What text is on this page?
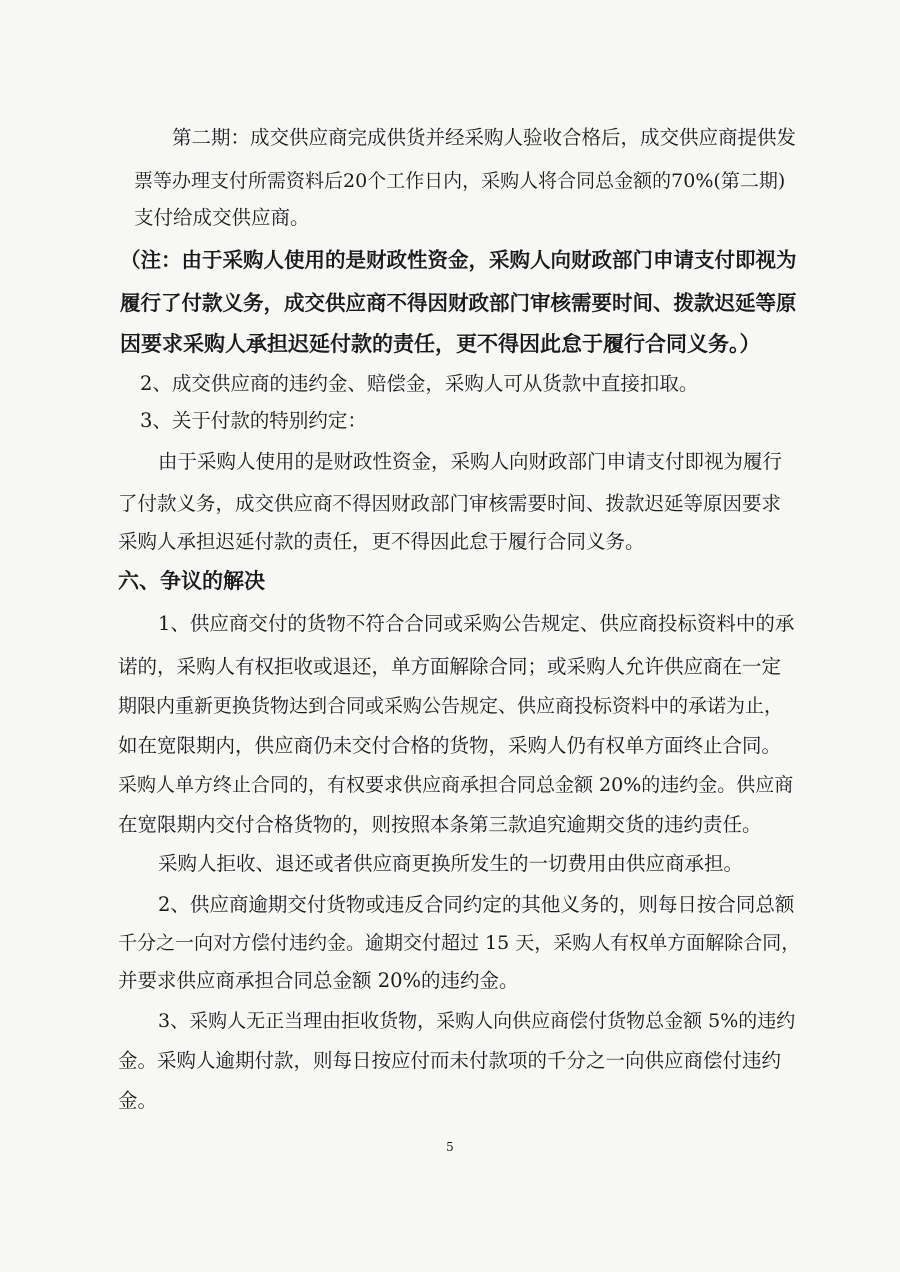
第二期：成交供应商完成供货并经采购人验收合格后，成交供应商提供发
票等办理支付所需资料后20个工作日内，采购人将合同总金额的70%(第二期)
支付给成交供应商。
（注：由于采购人使用的是财政性资金，采购人向财政部门申请支付即视为
履行了付款义务，成交供应商不得因财政部门审核需要时间、拨款迟延等原
因要求采购人承担迟延付款的责任，更不得因此怠于履行合同义务。）
2、成交供应商的违约金、赔偿金，采购人可从货款中直接扣取。
3、关于付款的特别约定：
由于采购人使用的是财政性资金，采购人向财政部门申请支付即视为履行
了付款义务，成交供应商不得因财政部门审核需要时间、拨款迟延等原因要求
采购人承担迟延付款的责任，更不得因此怠于履行合同义务。
六、争议的解决
1、供应商交付的货物不符合合同或采购公告规定、供应商投标资料中的承
诺的，采购人有权拒收或退还，单方面解除合同；或采购人允许供应商在一定
期限内重新更换货物达到合同或采购公告规定、供应商投标资料中的承诺为止，
如在宽限期内，供应商仍未交付合格的货物，采购人仍有权单方面终止合同。
采购人单方终止合同的，有权要求供应商承担合同总金额 20%的违约金。供应商
在宽限期内交付合格货物的，则按照本条第三款追究逾期交货的违约责任。
采购人拒收、退还或者供应商更换所发生的一切费用由供应商承担。
2、供应商逾期交付货物或违反合同约定的其他义务的，则每日按合同总额
千分之一向对方偿付违约金。逾期交付超过 15 天，采购人有权单方面解除合同，
并要求供应商承担合同总金额 20%的违约金。
3、采购人无正当理由拒收货物，采购人向供应商偿付货物总金额 5%的违约
金。采购人逾期付款，则每日按应付而未付款项的千分之一向供应商偿付违约
金。
5
